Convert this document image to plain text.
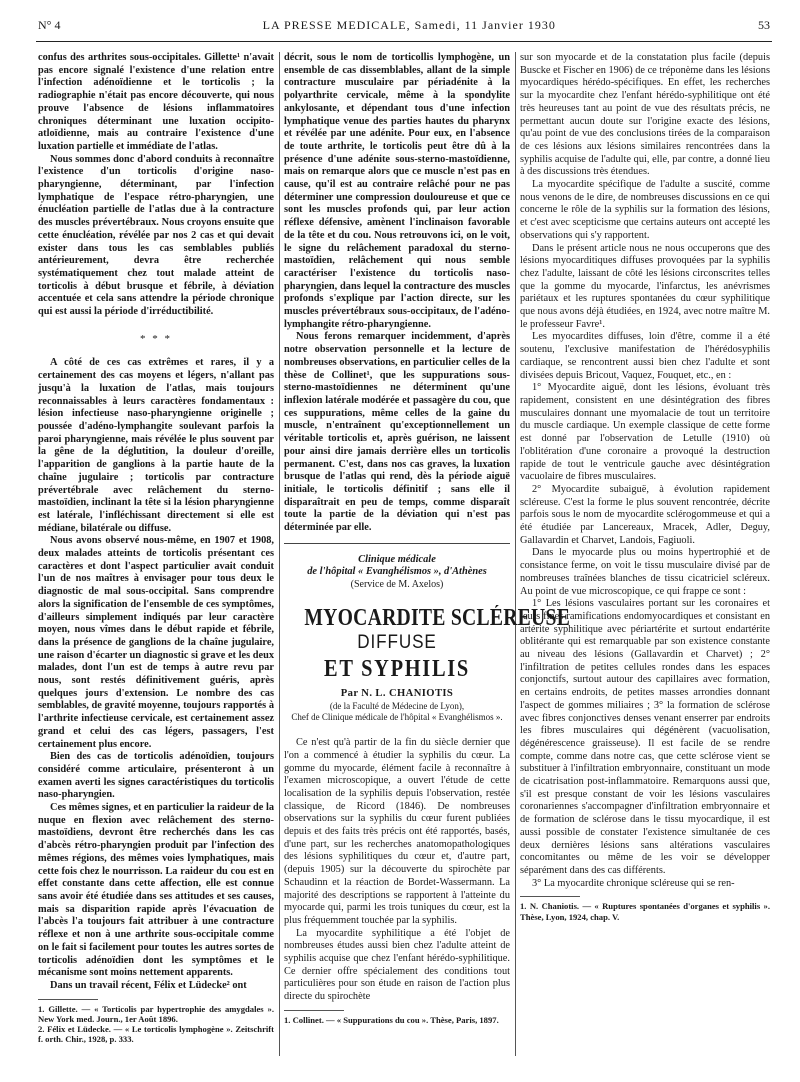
N° 4	LA PRESSE MEDICALE, Samedi, 11 Janvier 1930	53

confus des arthrites sous-occipitales. Gillette¹ n'avait pas encore signalé l'existence d'une relation entre l'infection adénoïdienne et le torticolis ; la radiographie n'était pas encore découverte, qui nous prouve l'absence de lésions inflammatoires chroniques déterminant une luxation occipito-atloïdienne, mais au contraire l'existence d'une luxation partielle et immédiate de l'atlas.

Nous sommes donc d'abord conduits à reconnaître l'existence d'un torticolis d'origine naso-pharyngienne, déterminant, par l'infection lymphatique de l'espace rétro-pharyngien, une énucléation partielle de l'atlas due à la contracture des muscles prévertébraux. Nous croyons ensuite que cette énucléation, révélée par nos 2 cas et qui devait exister dans tous les cas semblables publiés antérieurement, devra être recherchée systématiquement chez tout malade atteint de torticolis à début brusque et fébrile, à déviation accentuée et cela sans attendre la période chronique qui est aussi la période d'irréductibilité.

* * *

A côté de ces cas extrêmes et rares, il y a certainement des cas moyens et légers, n'allant pas jusqu'à la luxation de l'atlas, mais toujours reconnaissables à leurs caractères fondamentaux : lésion infectieuse naso-pharyngienne originelle ; poussée d'adéno-lymphangite soulevant parfois la paroi pharyngienne, mais révélée le plus souvent par la gêne de la déglutition, la douleur d'oreille, l'apparition de ganglions à la partie haute de la chaîne jugulaire ; torticolis par contracture prévertébrale avec relâchement du sterno-mastoïdien, inclinant la tête si la lésion pharyngienne est latérale, l'infléchissant directement si elle est médiane, bilatérale ou diffuse.

Nous avons observé nous-même, en 1907 et 1908, deux malades atteints de torticolis présentant ces caractères et dont l'aspect particulier avait conduit l'un de nos maîtres à envisager pour tous deux le diagnostic de mal sous-occipital. Sans comprendre alors la signification de l'ensemble de ces symptômes, d'ailleurs simplement indiqués par leur caractère moyen, nous vîmes dans le début rapide et fébrile, dans la présence de ganglions de la chaîne jugulaire, une raison d'écarter un diagnostic si grave et les deux malades, dont l'un est de temps à autre revu par nous, sont restés définitivement guéris, après quelques jours d'extension. Le nombre des cas semblables, de gravité moyenne, toujours rapportés à l'arthrite infectieuse cervicale, est certainement assez grand et celui des cas légers, passagers, l'est certainement plus encore.

Bien des cas de torticolis adénoïdien, toujours considéré comme articulaire, présenteront à un examen averti les signes caractéristiques du torticolis naso-pharyngien.

Ces mêmes signes, et en particulier la raideur de la nuque en flexion avec relâchement des sterno-mastoïdiens, devront être recherchés dans les cas d'abcès rétro-pharyngien produit par l'infection des mêmes régions, des mêmes voies lymphatiques, mais cette fois chez le nourrisson. La raideur du cou est en effet constante dans cette affection, elle est connue sans avoir été étudiée dans ses attitudes et ses causes, mais sa disparition rapide après l'évacuation de l'abcès l'a toujours fait attribuer à une contracture réflexe et non à une arthrite sous-occipitale comme on le fait si facilement pour toutes les autres sortes de torticolis adénoïdien dont les symptômes et le mécanisme sont moins nettement apparents.

Dans un travail récent, Félix et Lüdecke² ont

1. Gillette. — « Torticolis par hypertrophie des amygdales ». New York med. Journ., 1er Août 1896.

2. Félix et Lüdecke. — « Le torticolis lymphogène ». Zeitschrift f. orth. Chir., 1928, p. 333.

décrit, sous le nom de torticollis lymphogène, un ensemble de cas dissemblables, allant de la simple contracture musculaire par périadénite à la polyarthrite cervicale, même à la spondylite ankylosante, et dépendant tous d'une infection lymphatique venue des parties hautes du pharynx et révélée par une adénite. Pour eux, en l'absence de toute arthrite, le torticolis peut être dû à la présence d'une adénite sous-sterno-mastoïdienne, mais on remarque alors que ce muscle n'est pas en cause, qu'il est au contraire relâché pour ne pas déterminer une compression douloureuse et que ce sont les muscles profonds qui, par leur action réflexe défensive, amènent l'inclinaison favorable de la tête et du cou. Nous retrouvons ici, on le voit, le signe du relâchement paradoxal du sterno-mastoïdien, relâchement qui nous semble caractériser l'existence du torticolis naso-pharyngien, dans lequel la contracture des muscles profonds s'explique par l'action directe, sur les muscles prévertébraux sous-occipitaux, de l'adéno-lymphangite rétro-pharyngienne.

Nous ferons remarquer incidemment, d'après notre observation personnelle et la lecture de nombreuses observations, en particulier celles de la thèse de Collinet¹, que les suppurations sous-sterno-mastoïdiennes ne déterminent qu'une inflexion latérale modérée et passagère du cou, que ces suppurations, même celles de la gaine du muscle, n'entraînent qu'exceptionnellement un véritable torticolis et, après guérison, ne laissent pour ainsi dire jamais derrière elles un torticolis permanent. C'est, dans nos cas graves, la luxation brusque de l'atlas qui rend, dès la période aiguë initiale, le torticolis définitif ; sans elle il disparaîtrait en peu de temps, comme disparaît toute la partie de la déviation qui n'est pas déterminée par elle.

Clinique médicale
de l'hôpital « Evanghélismos », d'Athènes
(Service de M. Axelos)
MYOCARDITE SCLÉREUSE
DIFFUSE
ET SYPHILIS
Par N. L. CHANIOTIS
(de la Faculté de Médecine de Lyon),
Chef de Clinique médicale de l'hôpital « Evanghélismos ».

Ce n'est qu'à partir de la fin du siècle dernier que l'on a commencé à étudier la syphilis du cœur. La gomme du myocarde, élément facile à reconnaître à l'examen microscopique, a ouvert l'étude de cette localisation de la syphilis depuis l'observation, restée classique, de Ricord (1846). De nombreuses observations sur la syphilis du cœur furent publiées depuis et des faits très précis ont été rapportés, basés, d'une part, sur les recherches anatomopathologiques des lésions syphilitiques du cœur et, d'autre part, (depuis 1905) sur la découverte du spirochète par Schaudinn et la réaction de Bordet-Wassermann. La majorité des descriptions se rapportent à l'atteinte du myocarde qui, parmi les trois tuniques du cœur, est la plus fréquemment touchée par la syphilis.

La myocardite syphilitique a été l'objet de nombreuses études aussi bien chez l'adulte atteint de syphilis acquise que chez l'enfant hérédo-syphilitique. Ce dernier offre spécialement des conditions tout particulières pour son étude en raison de l'action plus directe du spirochète

1. Collinet. — « Suppurations du cou ». Thèse, Paris, 1897.

sur son myocarde et de la constatation plus facile (depuis Buscke et Fischer en 1906) de ce tréponème dans les lésions myocardiques hérédo-spécifiques. En effet, les recherches sur la myocardite chez l'enfant hérédo-syphilitique ont été très heureuses tant au point de vue des résultats précis, ne permettant aucun doute sur l'origine exacte des lésions, qu'au point de vue des conclusions tirées de la comparaison de ces lésions aux lésions similaires rencontrées dans la syphilis acquise de l'adulte qui, elle, par contre, a donné lieu à des discussions très étendues.

La myocardite spécifique de l'adulte a suscité, comme nous venons de le dire, de nombreuses discussions en ce qui concerne le rôle de la syphilis sur la formation des lésions, et c'est avec scepticisme que certains auteurs ont accepté les observations qui s'y rapportent.

Dans le présent article nous ne nous occuperons que des lésions myocarditiques diffuses provoquées par la syphilis chez l'adulte, laissant de côté les lésions circonscrites telles que la gomme du myocarde, l'infarctus, les anévrismes pariétaux et les ruptures spontanées du cœur syphilitique que nous avons déjà étudiées, en 1924, avec notre maître M. le professeur Favre¹.

Les myocardites diffuses, loin d'être, comme il a été soutenu, l'exclusive manifestation de l'hérédosyphilis cardiaque, se rencontrent aussi bien chez l'adulte et sont divisées depuis Bricout, Vaquez, Fouquet, etc., en :

1° Myocardite aiguë, dont les lésions, évoluant très rapidement, consistent en une désintégration des fibres musculaires donnant une myomalacie de tout un territoire du muscle cardiaque. Un exemple classique de cette forme est donné par l'observation de Letulle (1910) où l'oblitération d'une coronaire a provoqué la destruction rapide de tout le ventricule gauche avec désintégration vacuolaire de fibres musculaires.

2° Myocardite subaiguë, à évolution rapidement scléreuse. C'est la forme le plus souvent rencontrée, décrite parfois sous le nom de myocardite sclérogommeuse et qui a été étudiée par Lancereaux, Mracek, Adler, Deguy, Gallavardin et Charvet, Landois, Fagiuoli.

Dans le myocarde plus ou moins hypertrophié et de consistance ferme, on voit le tissu musculaire divisé par de nombreuses traînées blanches de tissu cicatriciel scléreux. Au point de vue microscopique, ce qui frappe ce sont :

1° Les lésions vasculaires portant sur les coronaires et leurs fines ramifications endomyocardiques et consistant en artérite syphilitique avec périartérite et surtout endartérite oblitérante qui est remarquable par son existence constante au niveau des lésions (Gallavardin et Charvet) ; 2° l'infiltration de petites cellules rondes dans les espaces conjonctifs, surtout autour des capillaires avec formation, en certains endroits, de petites masses arrondies donnant l'aspect de gommes miliaires ; 3° la formation de sclérose avec fibres conjonctives denses venant enserrer par endroits les fibres musculaires qui dégénèrent (vacuolisation, dégénérescence graisseuse). Il est facile de se rendre compte, comme dans notre cas, que cette sclérose vient se substituer à l'infiltration embryonnaire, constituant un mode de cicatrisation post-inflammatoire. Remarquons aussi que, s'il est presque constant de voir les lésions vasculaires coronariennes s'accompagner d'infiltration embryonnaire et de formation de sclérose dans le tissu myocardique, il est aussi possible de constater l'existence simultanée de ces deux dernières lésions sans altérations vasculaires concomitantes ou même de les voir se développer séparément dans des cas différents.

3° La myocardite chronique scléreuse qui se ren-

1. N. Chaniotis. — « Ruptures spontanées d'organes et syphilis ». Thèse, Lyon, 1924, chap. V.
